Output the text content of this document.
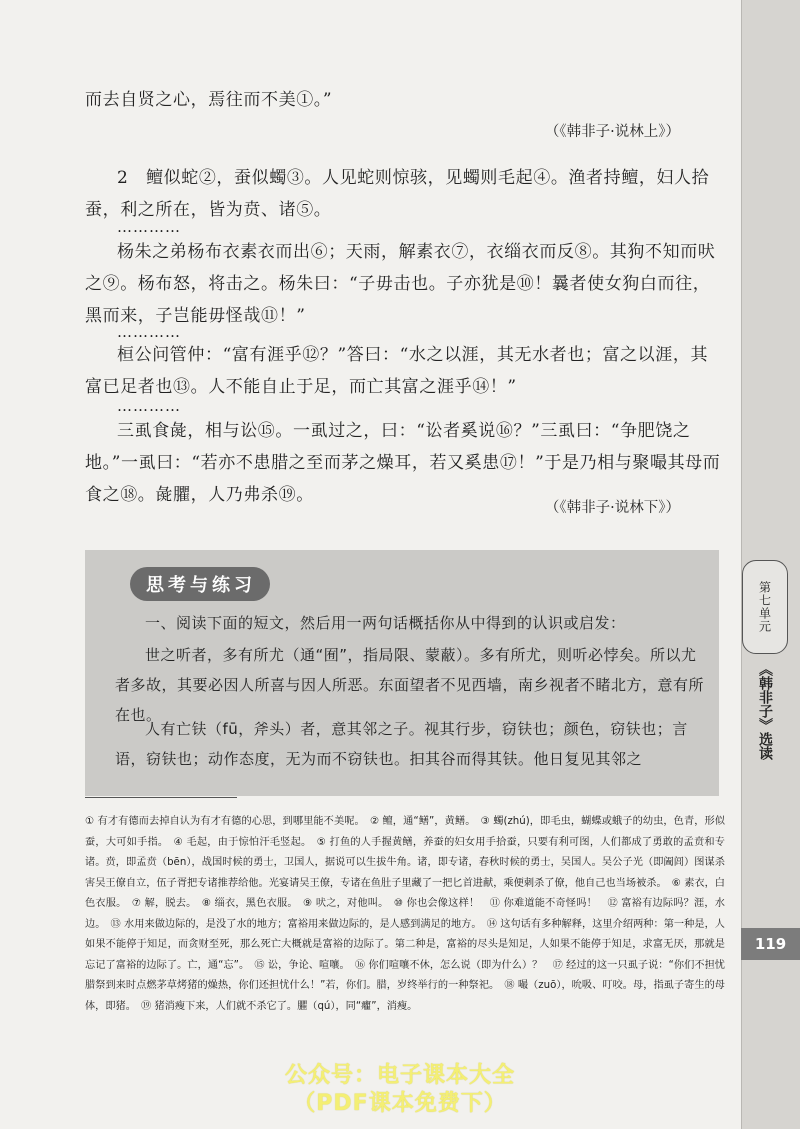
而去自贤之心，焉往而不美①。”

（《韩非子·说林上》）

2　鳣似蛇②，蚕似蠋③。人见蛇则惊骇，见蠋则毛起④。渔者持鳣，妇人拾蚕，利之所在，皆为贲、诸⑤。

…………

杨朱之弟杨布衣素衣而出⑥；天雨，解素衣⑦，衣缁衣而反⑧。其狗不知而吠之⑨。杨布怒，将击之。杨朱曰：“子毋击也。子亦犹是⑩！曩者使女狗白而往，黑而来，子岂能毋怪哉⑪！”

…………

桓公问管仲：“富有涯乎⑫？”答曰：“水之以涯，其无水者也；富之以涯，其富已足者也⑬。人不能自止于足，而亡其富之涯乎⑭！”

…………

三虱食彘，相与讼⑮。一虱过之，曰：“讼者奚说⑯？”三虱曰：“争肥饶之地。”一虱曰：“若亦不患腊之至而茅之燥耳，若又奚患⑰！”于是乃相与聚嘬其母而食之⑱。彘臞，人乃弗杀⑲。

（《韩非子·说林下》）

思考与练习

一、阅读下面的短文，然后用一两句话概括你从中得到的认识或启发：

世之听者，多有所尤（通“囿”，指局限、蒙蔽）。多有所尤，则听必悖矣。所以尤者多故，其要必因人所喜与因人所恶。东面望者不见西墙，南乡视者不睹北方，意有所在也。

人有亡𫓧（fū，斧头）者，意其邻之子。视其行步，窃𫓧也；颜色，窃𫓧也；言语，窃𫓧也；动作态度，无为而不窃𫓧也。抇其谷而得其𫓧。他日复见其邻之

① 有才有德而去掉自认为有才有德的心思，到哪里能不美呢。　② 鳣，通“鳝”，黄鳝。　③ 蠋(zhú)，即毛虫，蝴蝶或蛾子的幼虫，色青，形似蚕，大可如手指。　④ 毛起，由于惊怕汗毛竖起。　⑤ 打鱼的人手握黄鳝，养蚕的妇女用手拾蚕，只要有利可图，人们都成了勇敢的孟贲和专诸。贲，即孟贲（bēn），战国时候的勇士，卫国人，据说可以生拔牛角。诸，即专诸，春秋时候的勇士，吴国人。吴公子光（即阖闾）图谋杀害吴王僚自立，伍子胥把专诸推荐给他。光宴请吴王僚，专诸在鱼肚子里藏了一把匕首进献，乘便刺杀了僚，他自己也当场被杀。　⑥ 素衣，白色衣服。　⑦ 解，脱去。　⑧ 缁衣，黑色衣服。　⑨ 吠之，对他叫。　⑩ 你也会像这样！　⑪ 你难道能不奇怪吗！　⑫ 富裕有边际吗？涯，水边。　⑬ 水用来做边际的，是没了水的地方；富裕用来做边际的，是人感到满足的地方。　⑭ 这句话有多种解释，这里介绍两种：第一种是，人如果不能停于知足，而贪财至死，那么死亡大概就是富裕的边际了。第二种是，富裕的尽头是知足，人如果不能停于知足，求富无厌，那就是忘记了富裕的边际了。亡，通“忘”。　⑮ 讼，争论、喧嚷。　⑯ 你们喧嚷不休，怎么说（即为什么）？　⑰ 经过的这一只虱子说：“你们不担忧腊祭到来时点燃茅草烤猪的燥热，你们还担忧什么！”若，你们。腊，岁终举行的一种祭祀。　⑱ 嘬（zuō），吮吸、叮咬。母，指虱子寄生的母体，即猪。　⑲ 猪消瘦下来，人们就不杀它了。臞（qú），同“癯”，消瘦。

第七单元
《韩非子》选读
119

公众号：电子课本大全

（PDF课本免费下）
